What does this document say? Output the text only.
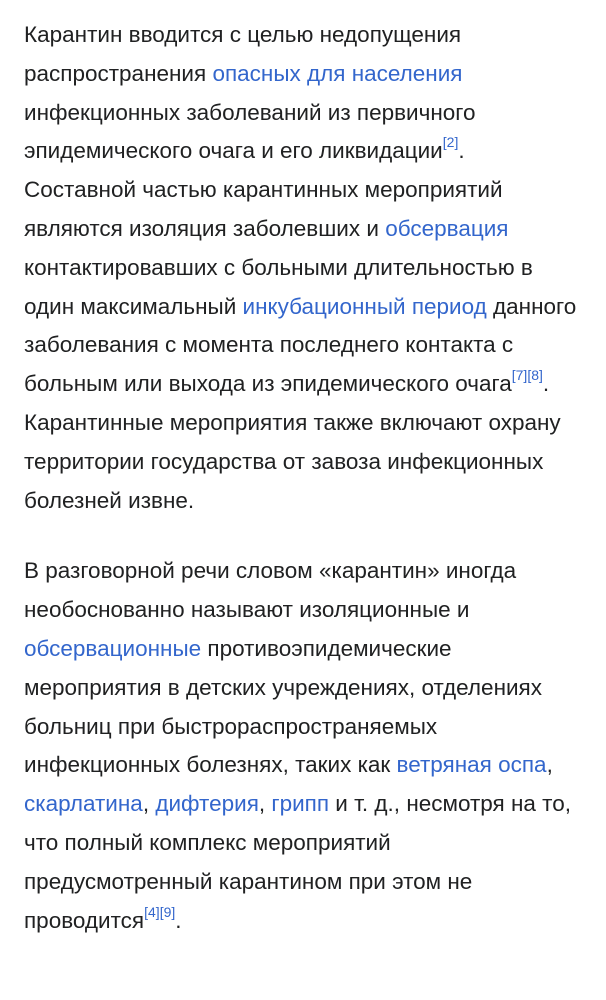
Карантин вводится с целью недопущения распространения опасных для населения инфекционных заболеваний из первичного эпидемического очага и его ликвидации[2]. Составной частью карантинных мероприятий являются изоляция заболевших и обсервация контактировавших с больными длительностью в один максимальный инкубационный период данного заболевания с момента последнего контакта с больным или выхода из эпидемического очага[7][8]. Карантинные мероприятия также включают охрану территории государства от завоза инфекционных болезней извне.

В разговорной речи словом «карантин» иногда необоснованно называют изоляционные и обсервационные противоэпидемические мероприятия в детских учреждениях, отделениях больниц при быстрораспространяемых инфекционных болезнях, таких как ветряная оспа, скарлатина, дифтерия, грипп и т. д., несмотря на то, что полный комплекс мероприятий предусмотренный карантином при этом не проводится[4][9].
